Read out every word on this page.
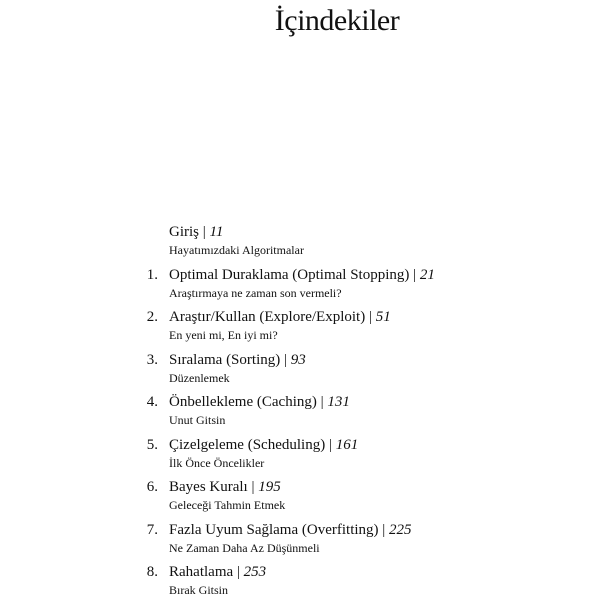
İçindekiler
Giriş | 11
Hayatımızdaki Algoritmalar
1. Optimal Duraklama (Optimal Stopping) | 21
Araştırmaya ne zaman son vermeli?
2. Araştır/Kullan (Explore/Exploit) | 51
En yeni mi, En iyi mi?
3. Sıralama (Sorting) | 93
Düzenlemek
4. Önbellekleme (Caching) | 131
Unut Gitsin
5. Çizelgeleme (Scheduling) | 161
İlk Önce Öncelikler
6. Bayes Kuralı | 195
Geleceği Tahmin Etmek
7. Fazla Uyum Sağlama (Overfitting) | 225
Ne Zaman Daha Az Düşünmeli
8. Rahatlama | 253
Bırak Gitsin
